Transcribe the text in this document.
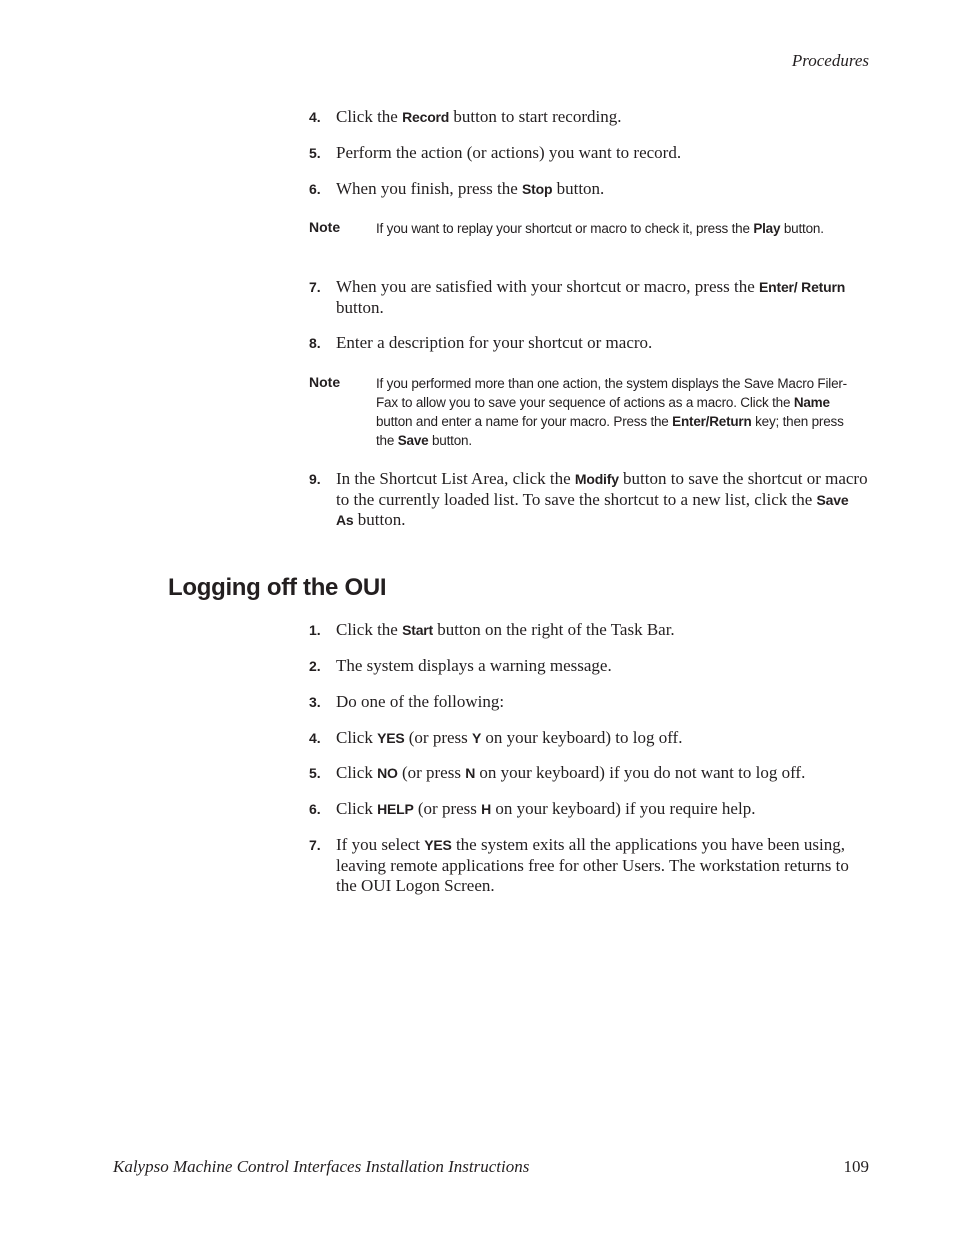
Procedures
4. Click the Record button to start recording.
5. Perform the action (or actions) you want to record.
6. When you finish, press the Stop button.
Note	If you want to replay your shortcut or macro to check it, press the Play button.
7. When you are satisfied with your shortcut or macro, press the Enter/ Return button.
8. Enter a description for your shortcut or macro.
Note	If you performed more than one action, the system displays the Save Macro Filer-Fax to allow you to save your sequence of actions as a macro. Click the Name button and enter a name for your macro. Press the Enter/Return key; then press the Save button.
9. In the Shortcut List Area, click the Modify button to save the shortcut or macro to the currently loaded list. To save the shortcut to a new list, click the Save As button.
Logging off the OUI
1. Click the Start button on the right of the Task Bar.
2. The system displays a warning message.
3. Do one of the following:
4. Click YES (or press Y on your keyboard) to log off.
5. Click NO (or press N on your keyboard) if you do not want to log off.
6. Click HELP (or press H on your keyboard) if you require help.
7. If you select YES the system exits all the applications you have been using, leaving remote applications free for other Users. The workstation returns to the OUI Logon Screen.
Kalypso Machine Control Interfaces Installation Instructions	109
